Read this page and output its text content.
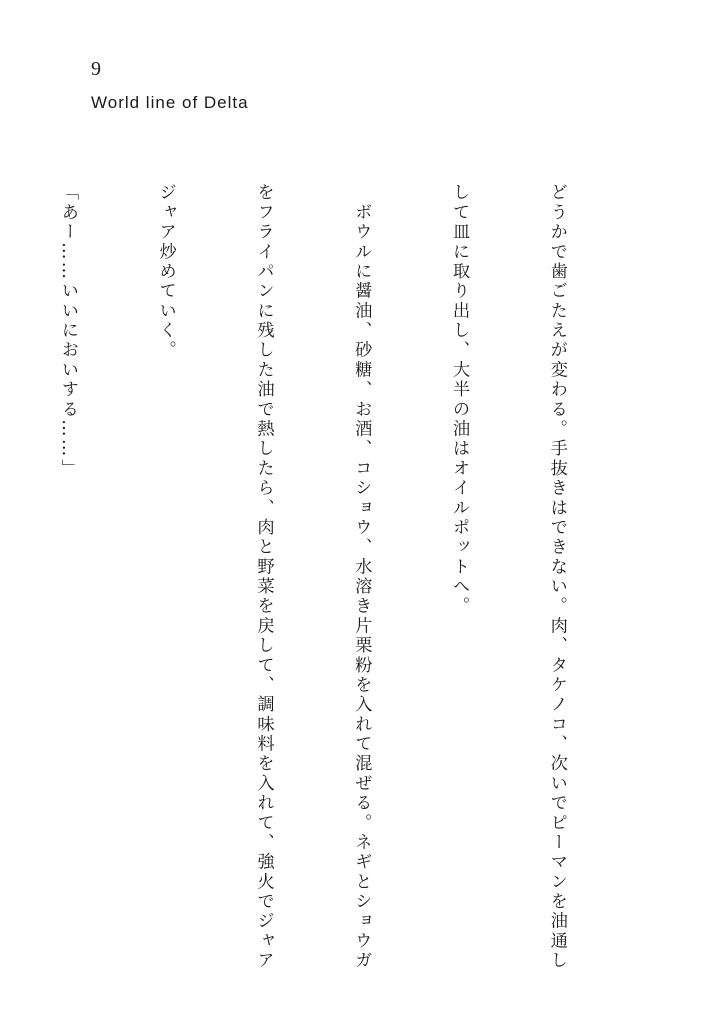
9
World line of Delta

どうかで歯ごたえが変わる。手抜きはできない。肉、タケノコ、次いでピーマンを油通し

して皿に取り出し、大半の油はオイルポットへ。

　ボウルに醤油、砂糖、お酒、コショウ、水溶き片栗粉を入れて混ぜる。ネギとショウガ

をフライパンに残した油で熱したら、肉と野菜を戻して、調味料を入れて、強火でジャア

ジャア炒めていく。

「あー……いいにおいする……」
